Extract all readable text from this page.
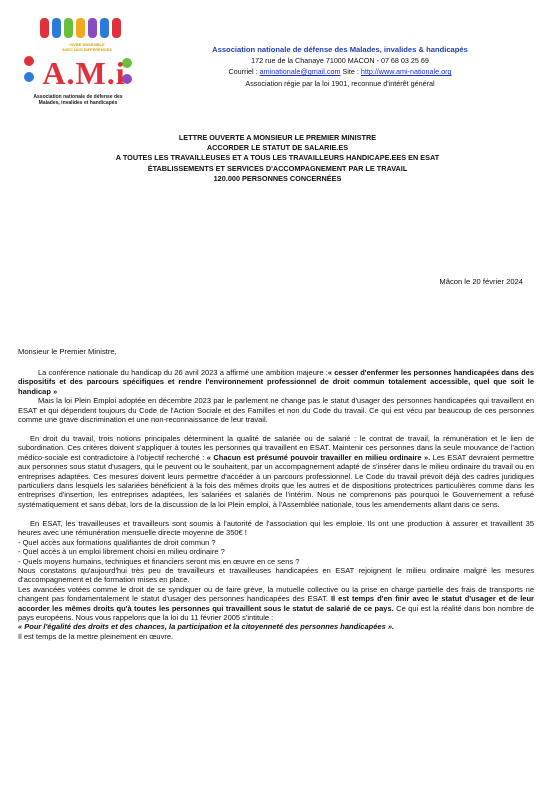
VIVRE ENSEMBLE
AVEC NOS DIFFERENCES
A.M.i
Association nationale de défense des
Malades, invalides et handicapés
Association nationale de défense des Malades, invalides & handicapés
172 rue de la Chanaye 71000 MACON - 07 68 03 25 69
Courriel : aminationale@gmail.com Site : http://www.ami-nationale.org
Association régie par la loi 1901, reconnue d'intérêt général
LETTRE OUVERTE A MONSIEUR LE PREMIER MINISTRE
ACCORDER LE STATUT DE SALARIE.ES
A TOUTES LES TRAVAILLEUSES ET A TOUS LES TRAVAILLEURS HANDICAPE.EES EN ESAT
ÉTABLISSEMENTS ET SERVICES D'ACCOMPAGNEMENT PAR LE TRAVAIL
120.000 PERSONNES CONCERNÉES
Mâcon le 20 février 2024
Monsieur le Premier Ministre,

La conférence nationale du handicap du 26 avril 2023 a affirmé une ambition majeure :« cesser d'enfermer les personnes handicapées dans des dispositifs et des parcours spécifiques et rendre l'environnement professionnel de droit commun totalement accessible, quel que soit le handicap »

Mais la loi Plein Emploi adoptée en décembre 2023 par le parlement ne change pas le statut d'usager des personnes handicapées qui travaillent en ESAT et qui dépendent toujours du Code de l'Action Sociale et des Familles et non du Code du travail. Ce qui est vécu par beaucoup de ces personnes comme une grave discrimination et une non-reconnaissance de leur travail.

En droit du travail, trois notions principales déterminent la qualité de salariée ou de salarié : le contrat de travail, la rémunération et le lien de subordination. Ces critères doivent s'appliquer à toutes les personnes qui travaillent en ESAT. Maintenir ces personnes dans la seule mouvance de l'action médico-sociale est contradictoire à l'objectif recherché : « Chacun est présumé pouvoir travailler en milieu ordinaire ». Les ESAT devraient permettre aux personnes sous statut d'usagers, qui le peuvent ou le souhaitent, par un accompagnement adapté de s'insérer dans le milieu ordinaire du travail ou en entreprises adaptées. Ces mesures doivent leurs permettre d'accéder à un parcours professionnel. Le Code du travail prévoit déjà des cadres juridiques particuliers dans lesquels les salariées bénéficient à la fois des mêmes droits que les autres et de dispositions protectrices particulières comme dans les entreprises d'insertion, les entreprises adaptées, les salariées et salariés de l'intérim. Nous ne comprenons pas pourquoi le Gouvernement a refusé systématiquement et sans débat, lors de la discussion de la loi Plein emploi, à l'Assemblée nationale, tous les amendements allant dans ce sens.

En ESAT, les travailleuses et travailleurs sont soumis à l'autorité de l'association qui les emploie. Ils ont une production à assurer et travaillent 35 heures avec une rémunération mensuelle directe moyenne de 350€ !

- Quel accès aux formations qualifiantes de droit commun ?

- Quel accès à un emploi librement choisi en milieu ordinaire ?

- Quels moyens humains, techniques et financiers seront mis en œuvre en ce sens ?

Nous constatons qu'aujourd'hui très peu de travailleurs et travailleuses handicapées en ESAT rejoignent le milieu ordinaire malgré les mesures d'accompagnement et de formation mises en place.

Les avancées votées comme le droit de se syndiquer ou de faire grève, la mutuelle collective ou la prise en charge partielle des frais de transports ne changent pas fondamentalement le statut d'usager des personnes handicapées des ESAT. Il est temps d'en finir avec le statut d'usager et de leur accorder les mêmes droits qu'à toutes les personnes qui travaillent sous le statut de salarié de ce pays. Ce qui est la réalité dans bon nombre de pays européens. Nous vous rappelons que la loi du 11 février 2005 s'intitule :

« Pour l'égalité des droits et des chances, la participation et la citoyenneté des personnes handicapées ».

Il est temps de la mettre pleinement en œuvre.
